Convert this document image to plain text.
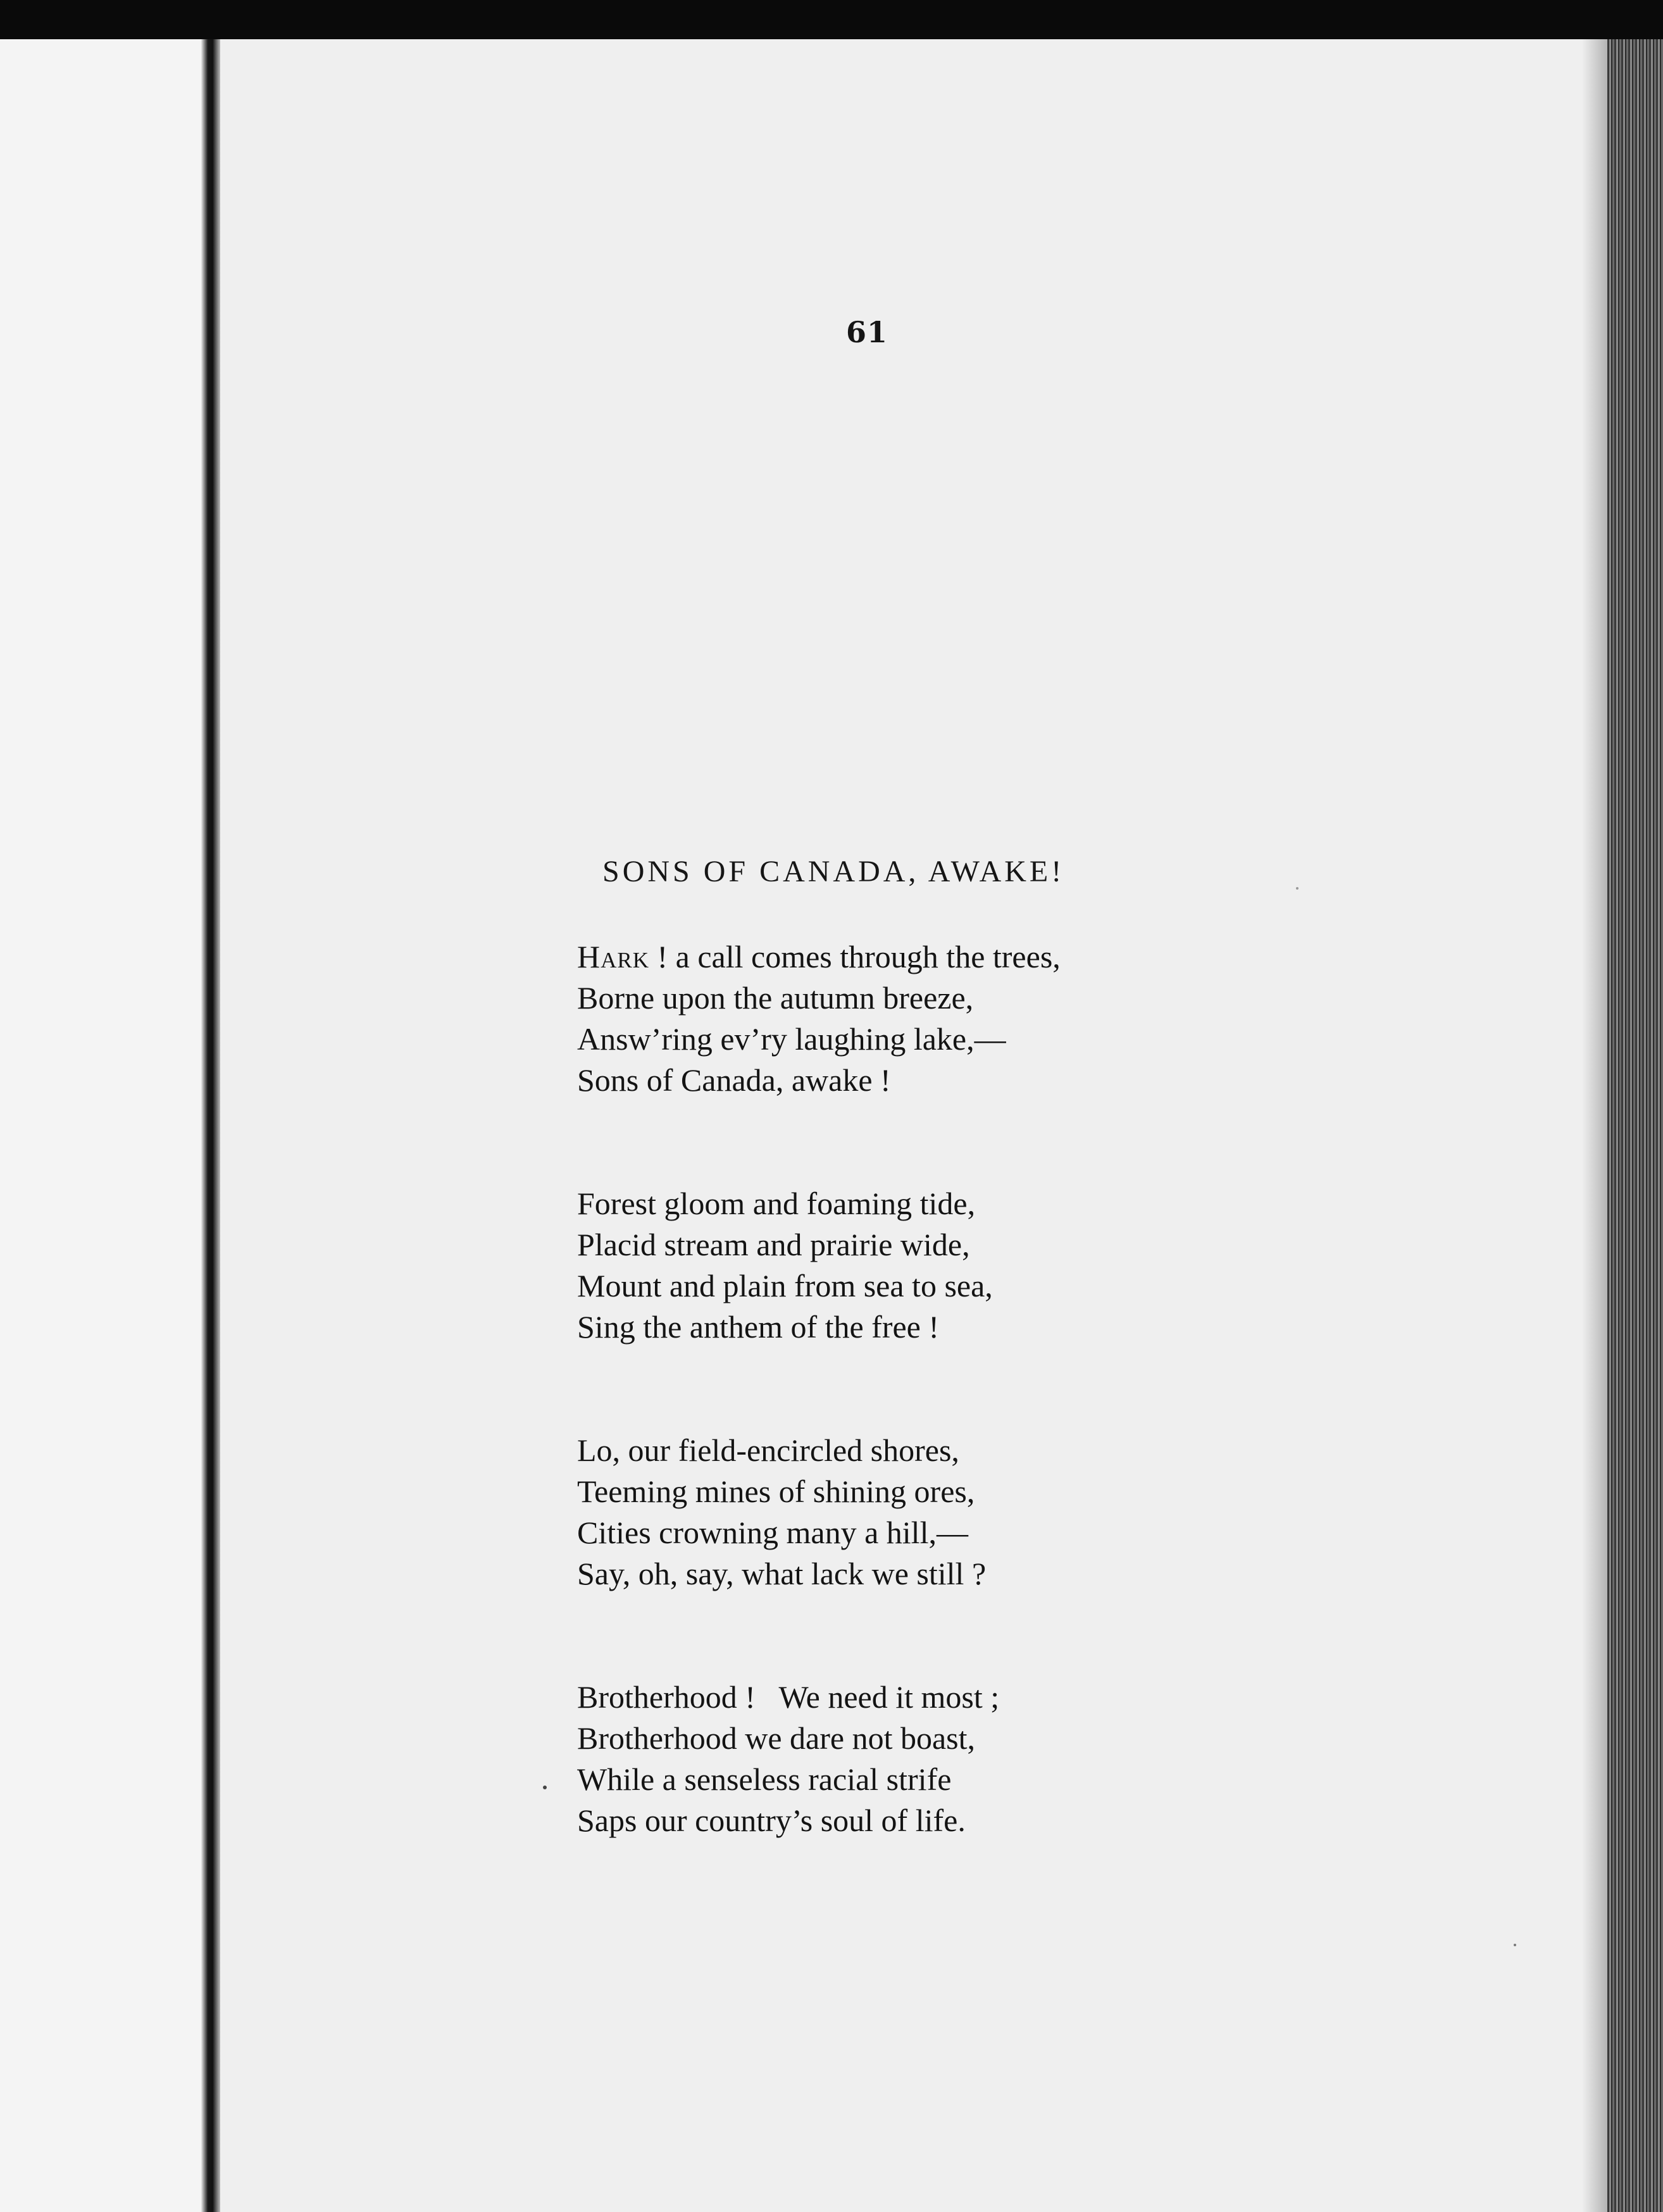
61
SONS OF CANADA, AWAKE!
Hark ! a call comes through the trees,
Borne upon the autumn breeze,
Answ’ring ev’ry laughing lake,—
Sons of Canada, awake !
Forest gloom and foaming tide,
Placid stream and prairie wide,
Mount and plain from sea to sea,
Sing the anthem of the free !
Lo, our field-encircled shores,
Teeming mines of shining ores,
Cities crowning many a hill,—
Say, oh, say, what lack we still ?
Brotherhood !   We need it most ;
Brotherhood we dare not boast,
While a senseless racial strife
Saps our country’s soul of life.
